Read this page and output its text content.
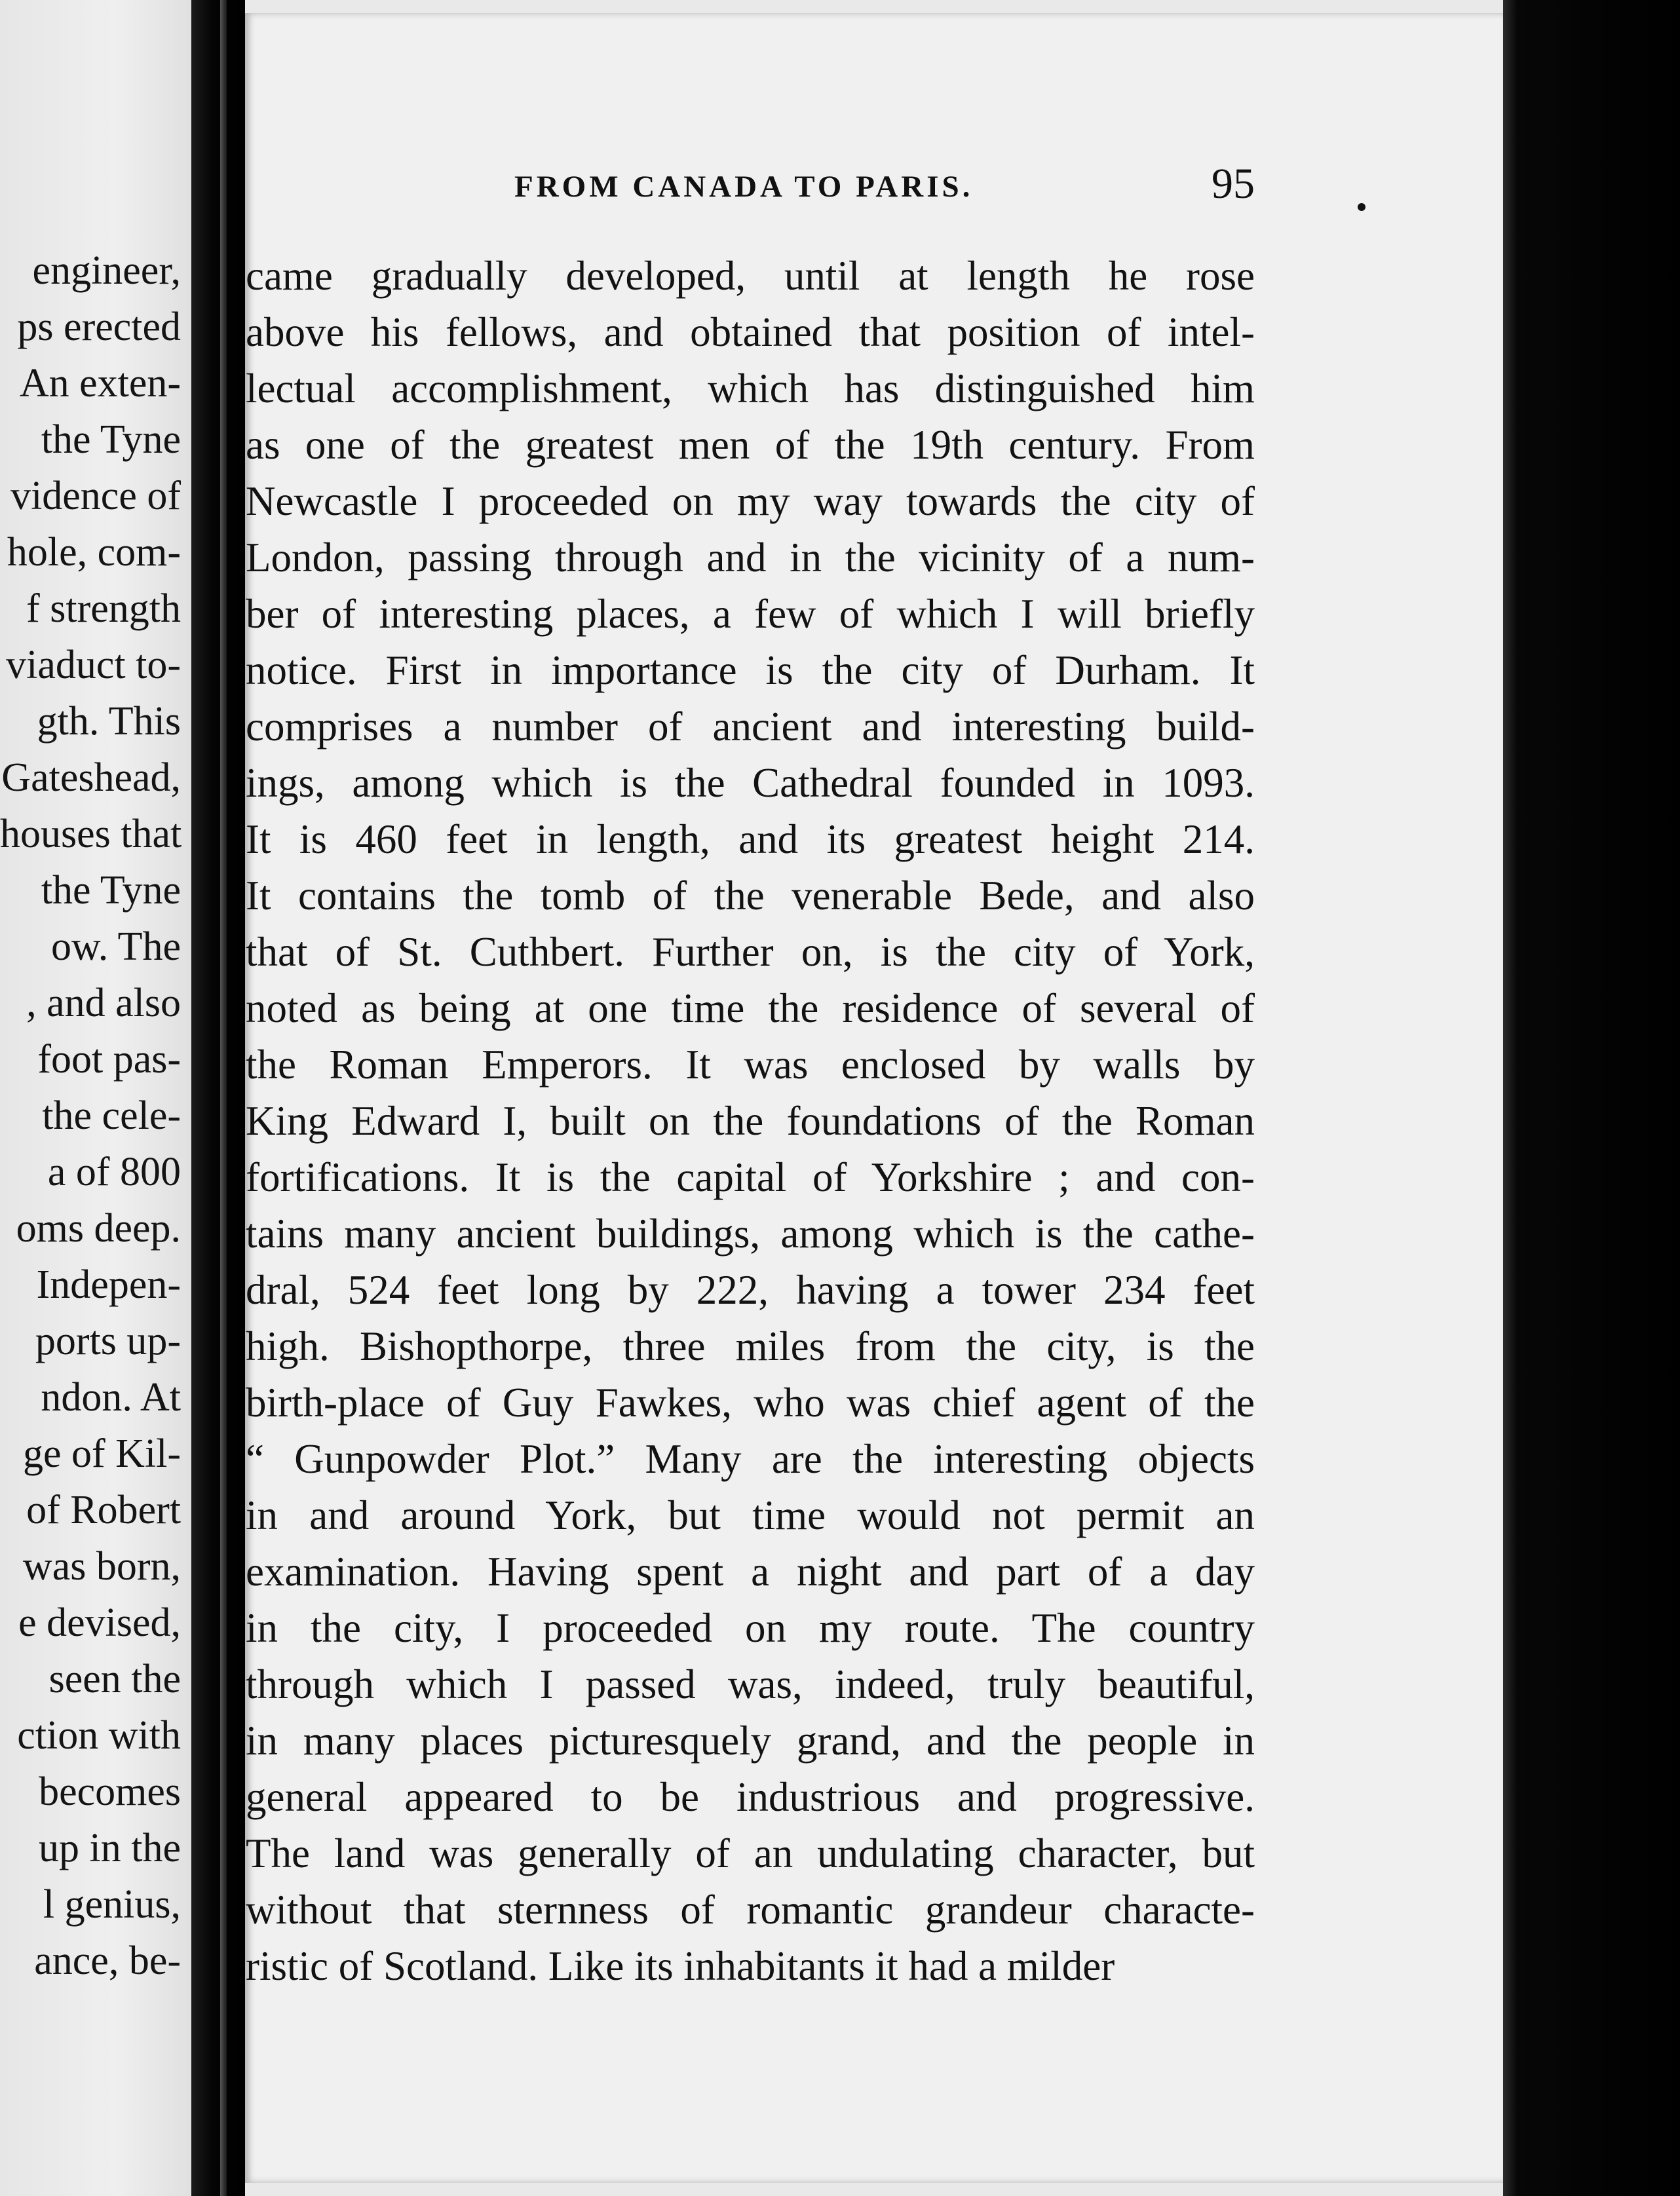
engineer,
ps erected
An exten-
the Tyne
vidence of
hole, com-
f strength
viaduct to-
gth. This
Gateshead,
houses that
the Tyne
ow. The
, and also
foot pas-
the cele-
a of 800
oms deep.
Indepen-
ports up-
ndon. At
ge of Kil-
of Robert
was born,
e devised,
seen the
ction with
becomes
up in the
l genius,
ance, be-
FROM CANADA TO PARIS.	95
came gradually developed, until at length he rose
above his fellows, and obtained that position of intel-
lectual accomplishment, which has distinguished him
as one of the greatest men of the 19th century. From
Newcastle I proceeded on my way towards the city of
London, passing through and in the vicinity of a num-
ber of interesting places, a few of which I will briefly
notice. First in importance is the city of Durham. It
comprises a number of ancient and interesting build-
ings, among which is the Cathedral founded in 1093.
It is 460 feet in length, and its greatest height 214.
It contains the tomb of the venerable Bede, and also
that of St. Cuthbert. Further on, is the city of York,
noted as being at one time the residence of several of
the Roman Emperors. It was enclosed by walls by
King Edward I, built on the foundations of the Roman
fortifications. It is the capital of Yorkshire ; and con-
tains many ancient buildings, among which is the cathe-
dral, 524 feet long by 222, having a tower 234 feet
high. Bishopthorpe, three miles from the city, is the
birth-place of Guy Fawkes, who was chief agent of the
“ Gunpowder Plot.” Many are the interesting objects
in and around York, but time would not permit an
examination. Having spent a night and part of a day
in the city, I proceeded on my route. The country
through which I passed was, indeed, truly beautiful,
in many places picturesquely grand, and the people in
general appeared to be industrious and progressive.
The land was generally of an undulating character, but
without that sternness of romantic grandeur characte-
ristic of Scotland. Like its inhabitants it had a milder
